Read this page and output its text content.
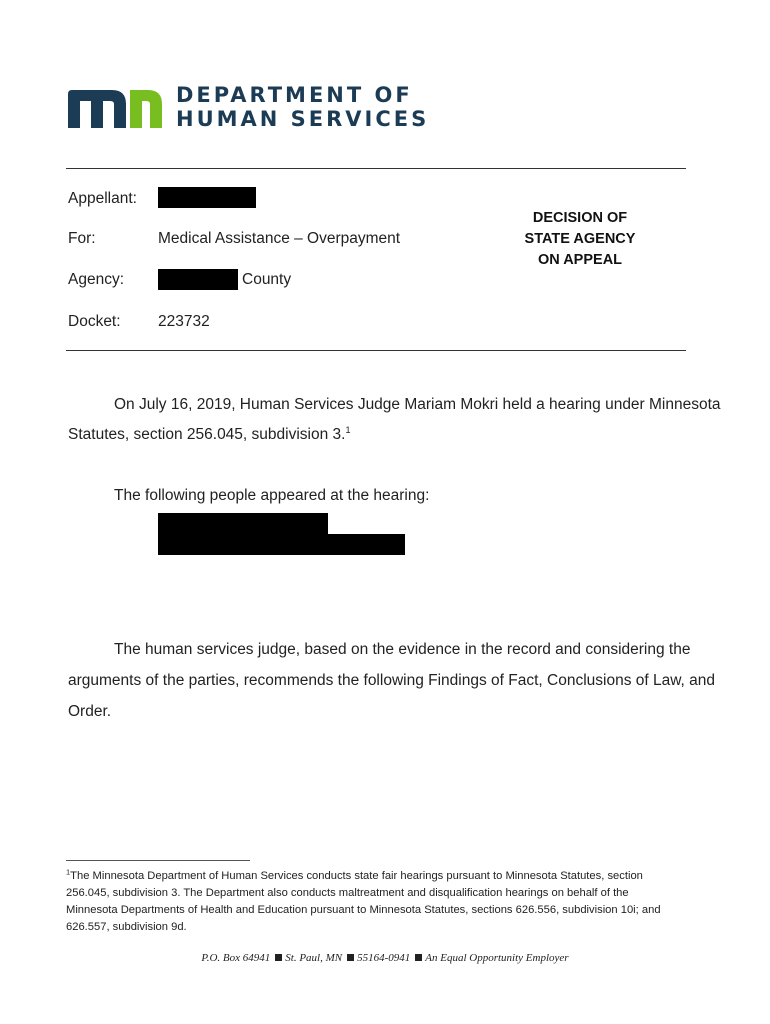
DEPARTMENT OF
HUMAN SERVICES
Appellant:
For:	Medical Assistance – Overpayment
Agency:	County
Docket: 223732
DECISION OF
STATE AGENCY
ON APPEAL
On July 16, 2019, Human Services Judge Mariam Mokri held a hearing under Minnesota
Statutes, section 256.045, subdivision 3.$^1$
The following people appeared at the hearing:
The human services judge, based on the evidence in the record and considering the
arguments of the parties, recommends the following Findings of Fact, Conclusions of Law, and
Order.
$^1$The Minnesota Department of Human Services conducts state fair hearings pursuant to Minnesota Statutes, section
256.045, subdivision 3. The Department also conducts maltreatment and disqualification hearings on behalf of the
Minnesota Departments of Health and Education pursuant to Minnesota Statutes, sections 626.556, subdivision 10i; and
626.557, subdivision 9d.
P.O. Box 64941 St. Paul, MN 55164-0941 An Equal Opportunity Employer
